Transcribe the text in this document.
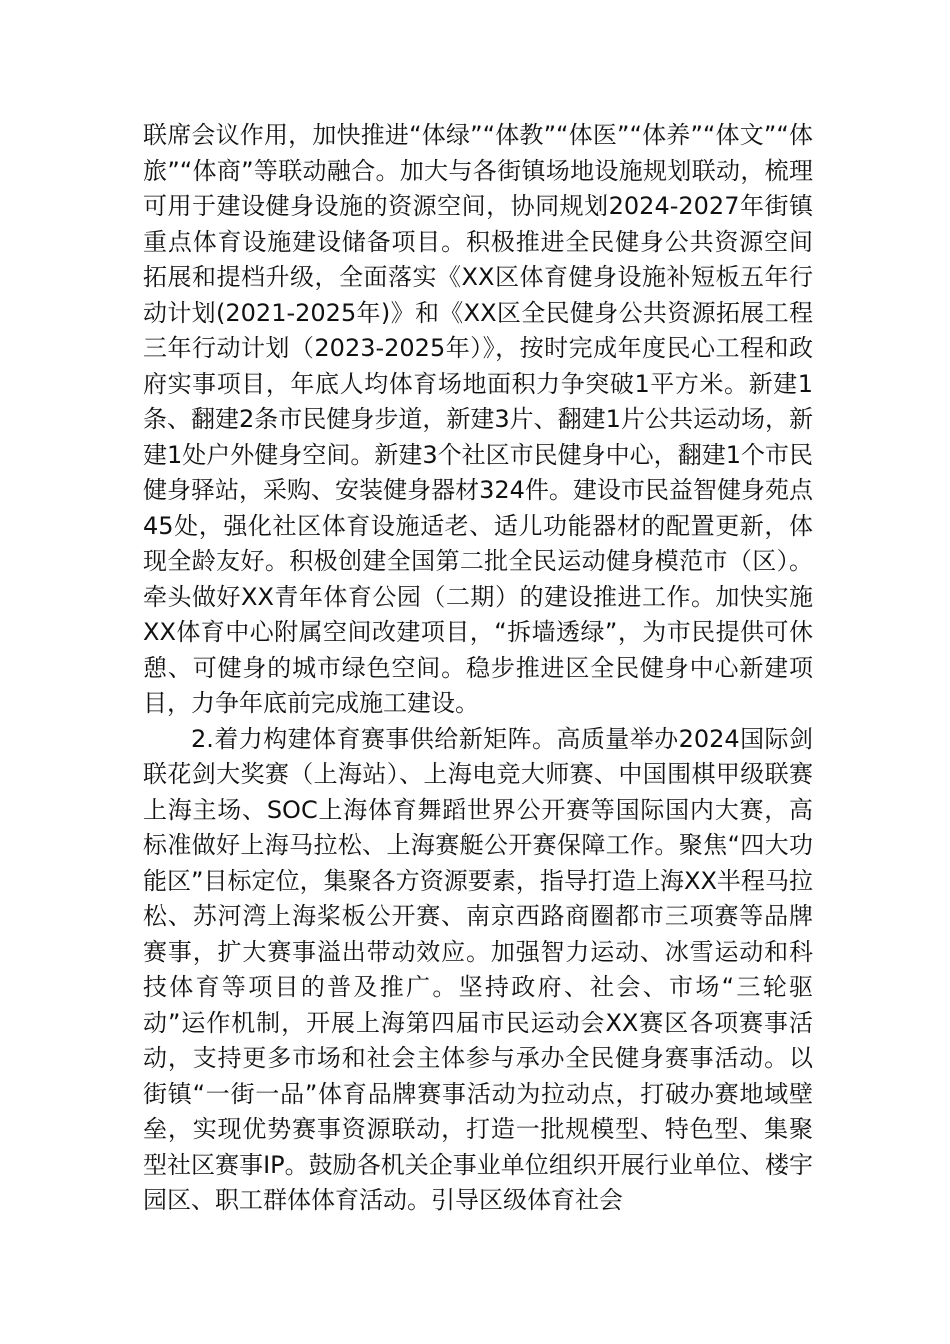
联席会议作用，加快推进“体绿”“体教”“体医”“体养”“体文”“体旅”“体商”等联动融合。加大与各街镇场地设施规划联动，梳理可用于建设健身设施的资源空间，协同规划2024-2027年街镇重点体育设施建设储备项目。积极推进全民健身公共资源空间拓展和提档升级，全面落实《XX区体育健身设施补短板五年行动计划(2021-2025年)》和《XX区全民健身公共资源拓展工程三年行动计划（2023-2025年）》，按时完成年度民心工程和政府实事项目，年底人均体育场地面积力争突破1平方米。新建1条、翻建2条市民健身步道，新建3片、翻建1片公共运动场，新建1处户外健身空间。新建3个社区市民健身中心，翻建1个市民健身驿站，采购、安装健身器材324件。建设市民益智健身苑点45处，强化社区体育设施适老、适儿功能器材的配置更新，体现全龄友好。积极创建全国第二批全民运动健身模范市（区）。牵头做好XX青年体育公园（二期）的建设推进工作。加快实施XX体育中心附属空间改建项目，“拆墙透绿”，为市民提供可休憩、可健身的城市绿色空间。稳步推进区全民健身中心新建项目，力争年底前完成施工建设。

2.着力构建体育赛事供给新矩阵。高质量举办2024国际剑联花剑大奖赛（上海站）、上海电竞大师赛、中国围棋甲级联赛上海主场、SOC上海体育舞蹈世界公开赛等国际国内大赛，高标准做好上海马拉松、上海赛艇公开赛保障工作。聚焦“四大功能区”目标定位，集聚各方资源要素，指导打造上海XX半程马拉松、苏河湾上海桨板公开赛、南京西路商圈都市三项赛等品牌赛事，扩大赛事溢出带动效应。加强智力运动、冰雪运动和科技体育等项目的普及推广。坚持政府、社会、市场“三轮驱动”运作机制，开展上海第四届市民运动会XX赛区各项赛事活动，支持更多市场和社会主体参与承办全民健身赛事活动。以街镇“一街一品”体育品牌赛事活动为拉动点，打破办赛地域壁垒，实现优势赛事资源联动，打造一批规模型、特色型、集聚型社区赛事IP。鼓励各机关企事业单位组织开展行业单位、楼宇园区、职工群体体育活动。引导区级体育社会
